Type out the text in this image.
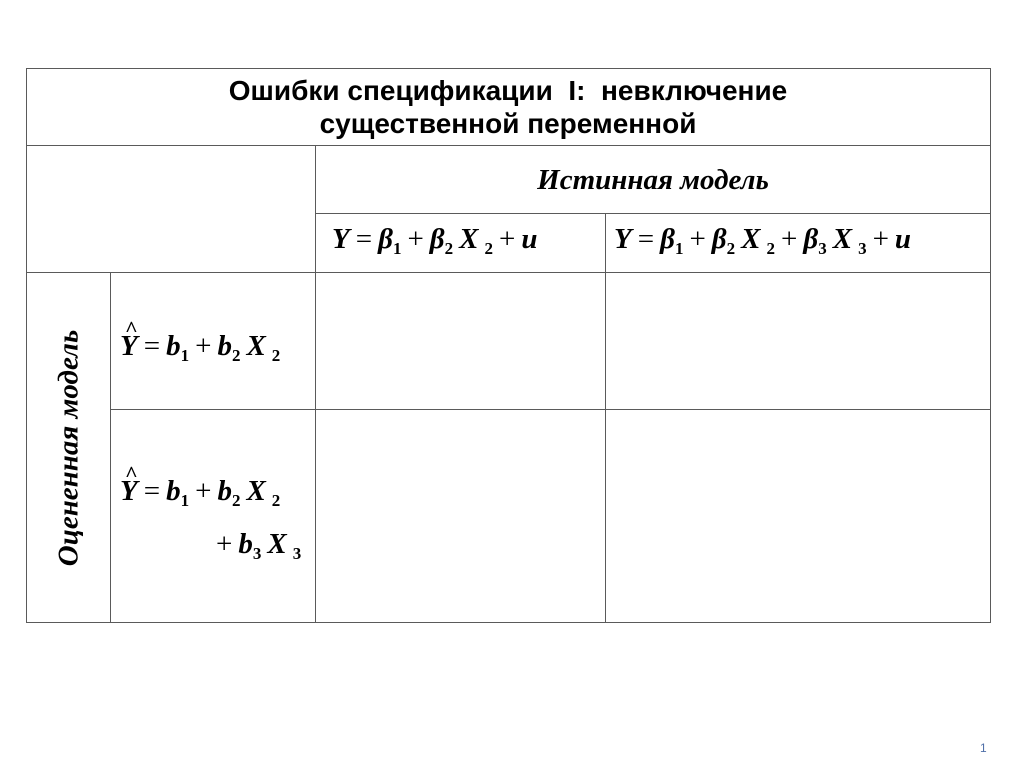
Ошибки спецификации  I:  невключение
существенной переменной
Истинная модель
$Y = \beta_1 + \beta_2$ X $_2$ + u	$Y = \beta_1 + \beta_2$ X $_2 + \beta_3$ X $_3$ + u
Оцененная модель
^ $Y = b_1 + b_2$ X $_2$
^ $Y = b_1 + b_2$ X $_2$
+ $b_3$ X $_3$
1
